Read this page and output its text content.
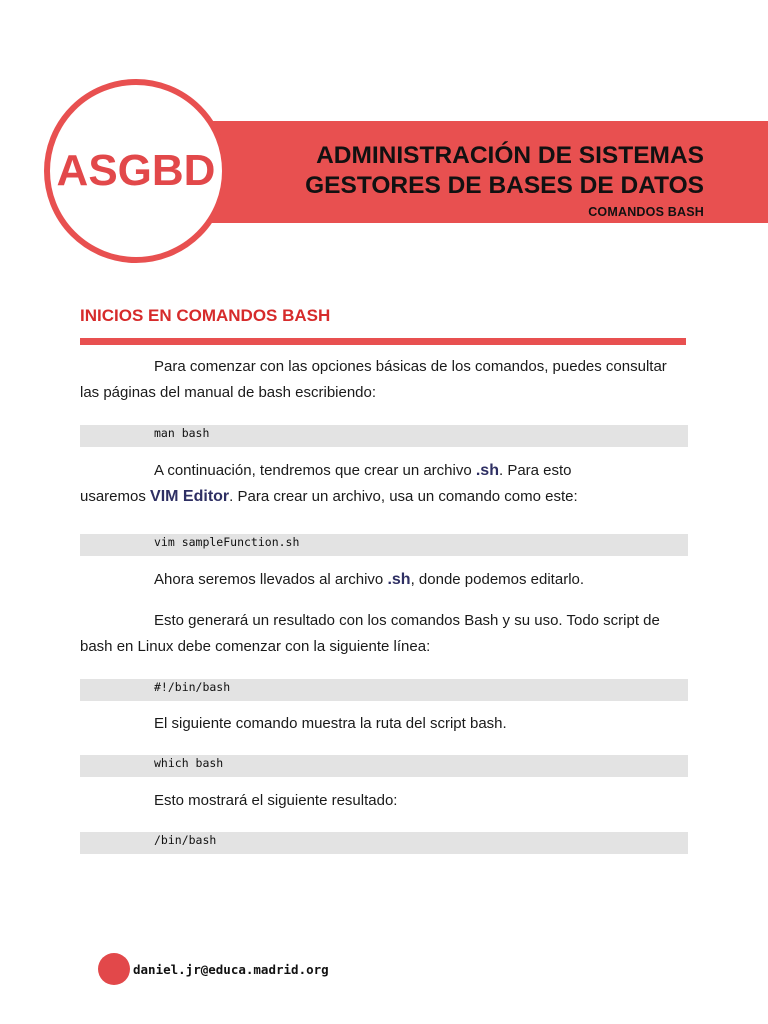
ASGBD	ADMINISTRACIÓN DE SISTEMAS
GESTORES DE BASES DE DATOS
COMANDOS BASH
INICIOS EN COMANDOS BASH
Para comenzar con las opciones básicas de los comandos, puedes consultar
las páginas del manual de bash escribiendo:
man bash
A continuación, tendremos que crear un archivo .sh. Para esto
usaremos VIM Editor. Para crear un archivo, usa un comando como este:
vim sampleFunction.sh
Ahora seremos llevados al archivo .sh, donde podemos editarlo.
Esto generará un resultado con los comandos Bash y su uso. Todo script de
bash en Linux debe comenzar con la siguiente línea:
#!/bin/bash
El siguiente comando muestra la ruta del script bash.
which bash
Esto mostrará el siguiente resultado:
/bin/bash
daniel.jr@educa.madrid.org
